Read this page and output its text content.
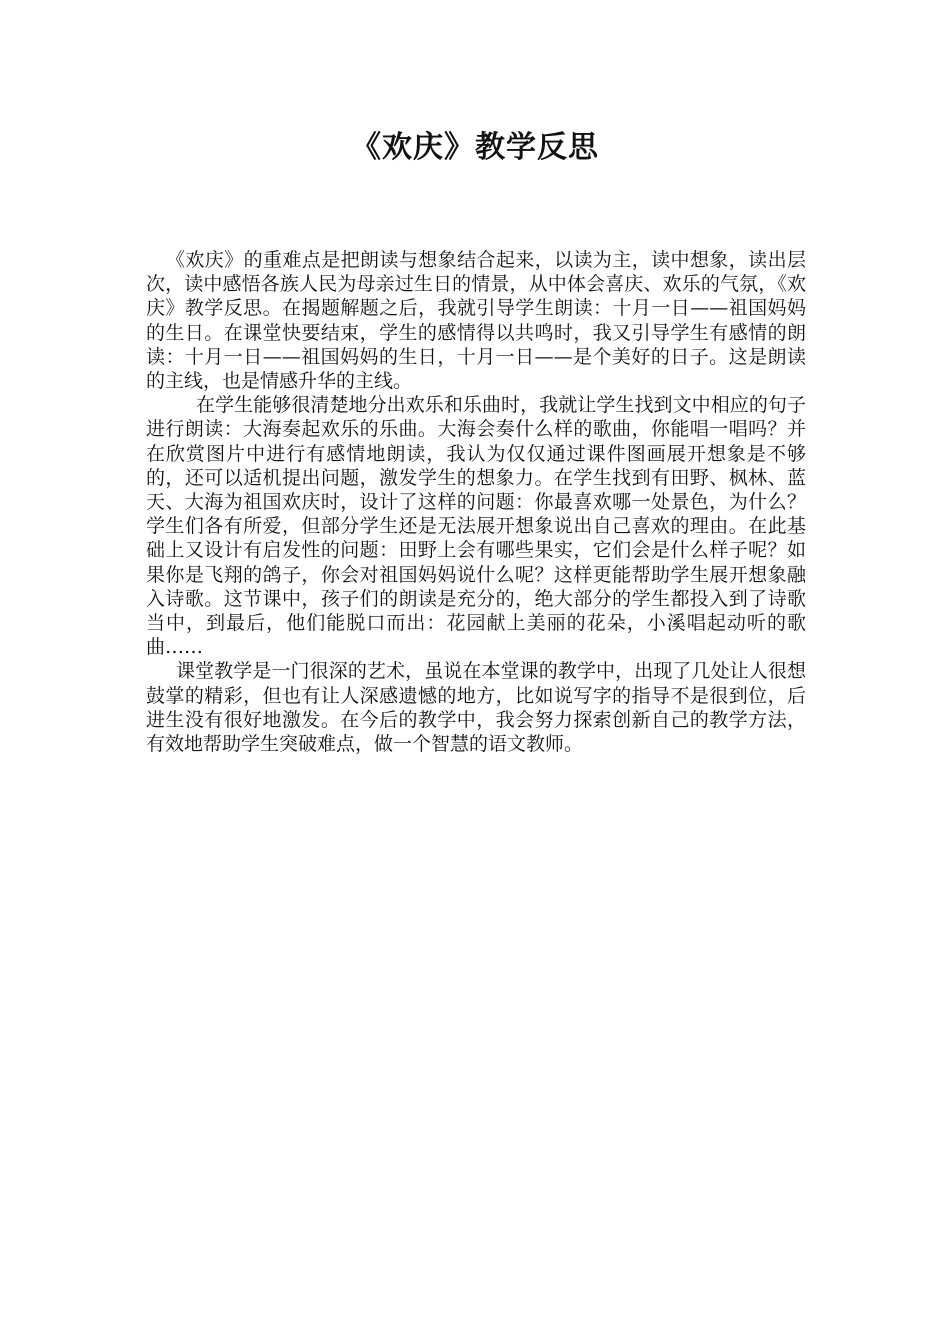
《欢庆》教学反思

《欢庆》的重难点是把朗读与想象结合起来，以读为主，读中想象，读出层次，读中感悟各族人民为母亲过生日的情景，从中体会喜庆、欢乐的气氛，《欢庆》教学反思。在揭题解题之后，我就引导学生朗读：十月一日——祖国妈妈的生日。在课堂快要结束，学生的感情得以共鸣时，我又引导学生有感情的朗读：十月一日——祖国妈妈的生日，十月一日——是个美好的日子。这是朗读的主线，也是情感升华的主线。

在学生能够很清楚地分出欢乐和乐曲时，我就让学生找到文中相应的句子进行朗读：大海奏起欢乐的乐曲。大海会奏什么样的歌曲，你能唱一唱吗？并在欣赏图片中进行有感情地朗读，我认为仅仅通过课件图画展开想象是不够的，还可以适机提出问题，激发学生的想象力。在学生找到有田野、枫林、蓝天、大海为祖国欢庆时，设计了这样的问题：你最喜欢哪一处景色，为什么？学生们各有所爱，但部分学生还是无法展开想象说出自己喜欢的理由。在此基础上又设计有启发性的问题：田野上会有哪些果实，它们会是什么样子呢？如果你是飞翔的鸽子，你会对祖国妈妈说什么呢？这样更能帮助学生展开想象融入诗歌。这节课中，孩子们的朗读是充分的，绝大部分的学生都投入到了诗歌当中，到最后，他们能脱口而出：花园献上美丽的花朵，小溪唱起动听的歌曲……

课堂教学是一门很深的艺术，虽说在本堂课的教学中，出现了几处让人很想鼓掌的精彩，但也有让人深感遗憾的地方，比如说写字的指导不是很到位，后进生没有很好地激发。在今后的教学中，我会努力探索创新自己的教学方法，有效地帮助学生突破难点，做一个智慧的语文教师。
